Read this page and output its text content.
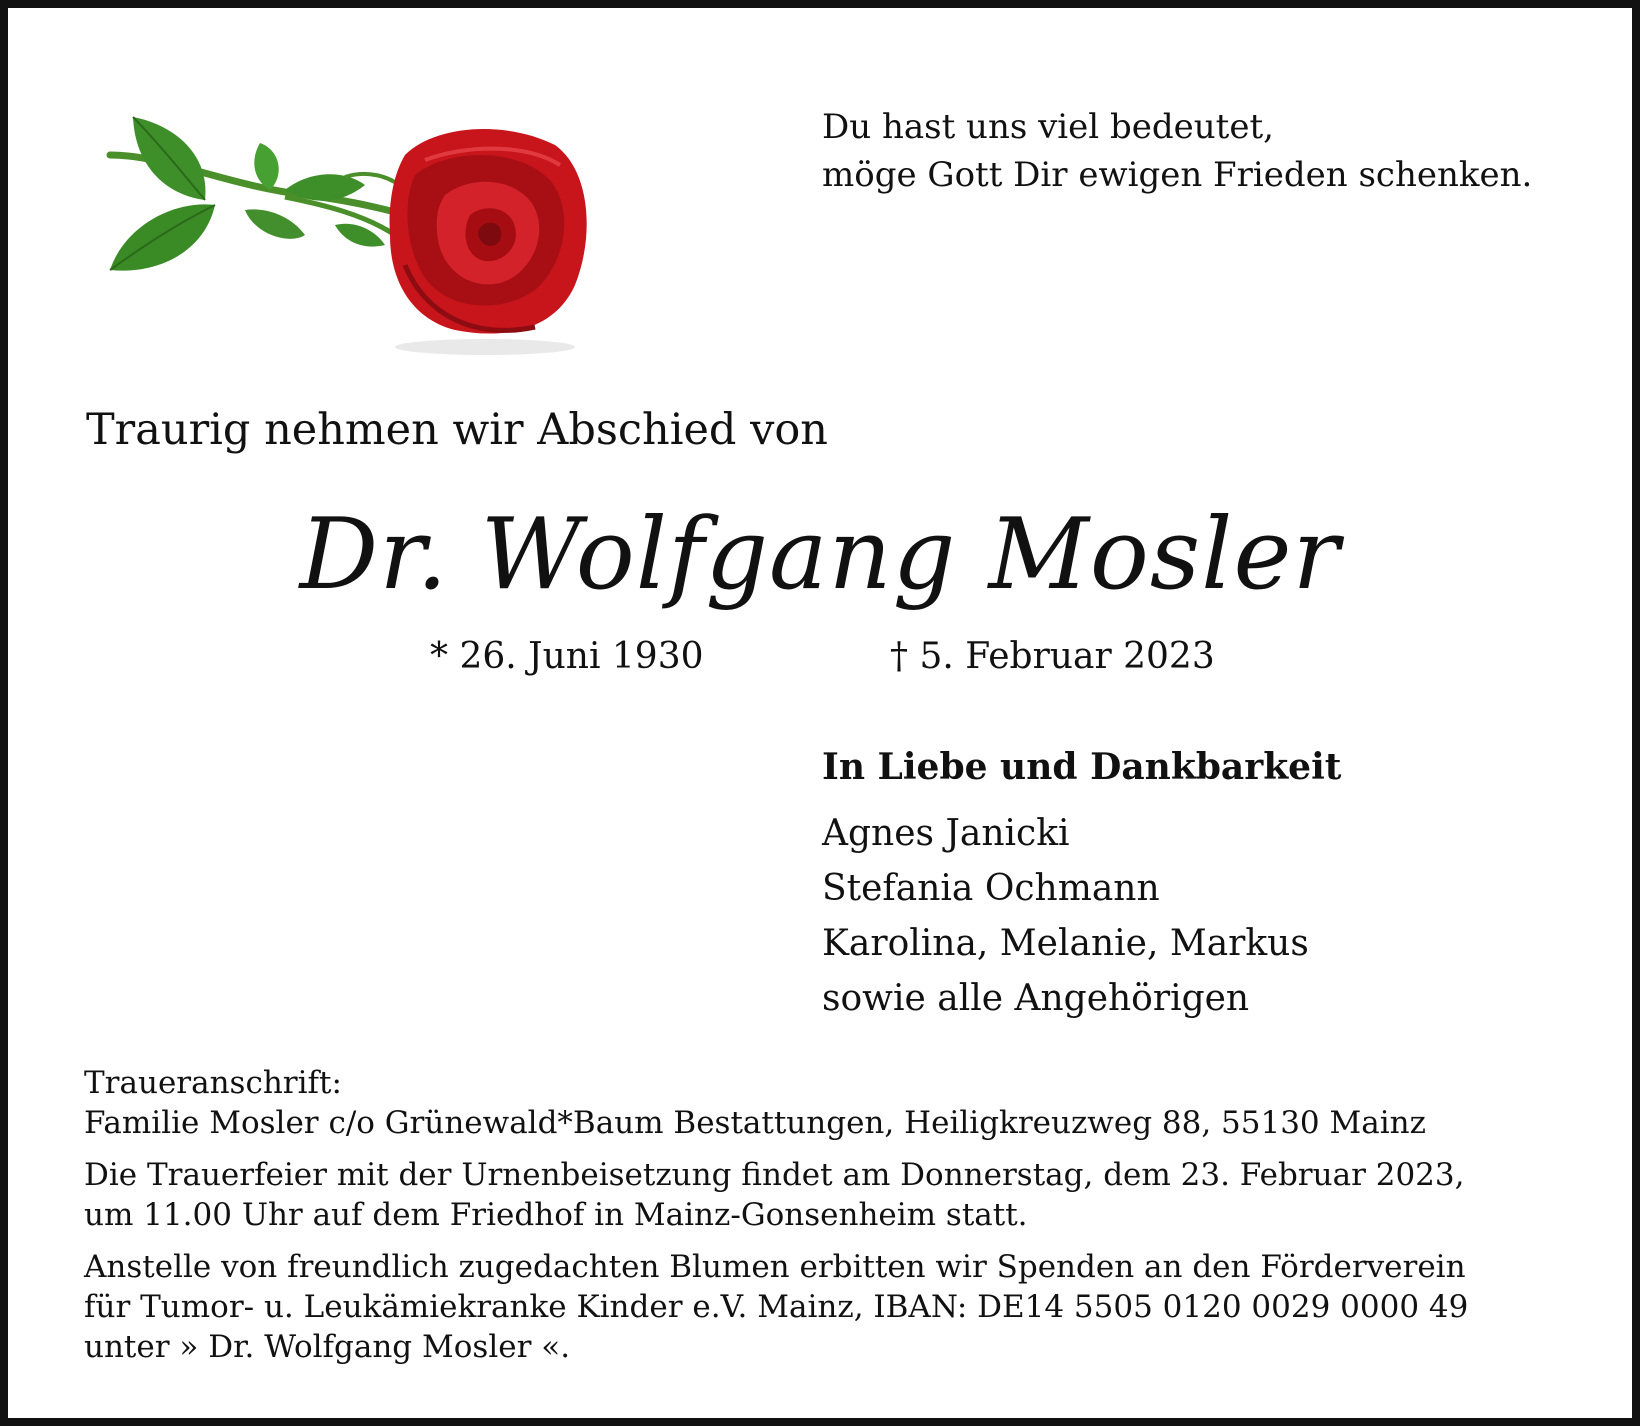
Du hast uns viel bedeutet,
möge Gott Dir ewigen Frieden schenken.
Traurig nehmen wir Abschied von
Dr. Wolfgang Mosler
* 26. Juni 1930	† 5. Februar 2023
In Liebe und Dankbarkeit
Agnes Janicki
Stefania Ochmann
Karolina, Melanie, Markus
sowie alle Angehörigen
Traueranschrift:
Familie Mosler c/o Grünewald*Baum Bestattungen, Heiligkreuzweg 88, 55130 Mainz
Die Trauerfeier mit der Urnenbeisetzung findet am Donnerstag, dem 23. Februar 2023,
um 11.00 Uhr auf dem Friedhof in Mainz-Gonsenheim statt.
Anstelle von freundlich zugedachten Blumen erbitten wir Spenden an den Förderverein
für Tumor- u. Leukämiekranke Kinder e.V. Mainz, IBAN: DE14 5505 0120 0029 0000 49
unter » Dr. Wolfgang Mosler «.
